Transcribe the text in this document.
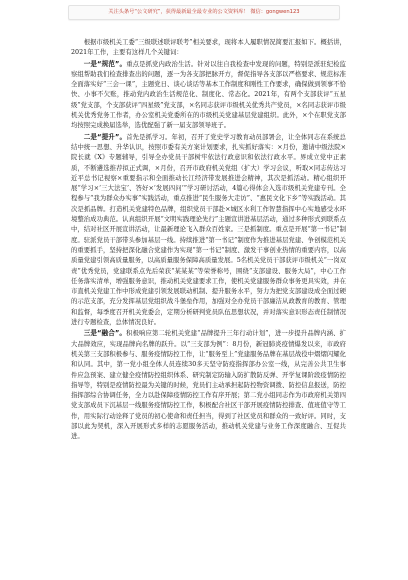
关注头条号“公文研究”，获得最新最全最专业的公文资料库！ 微信：gongwen123

根据市级机关工委“三级联述联评联考”相关要求，现将本人履职情况简要汇报如下。概括讲，2021年工作，主要有这样几个关键词：

一是“规范”。重点是抓党内政治生活。针对以往自我检查中发现的问题，特别是派驻纪检监察组帮助我们检查排查出的问题，逐一为各支部把脉开方，督促指导各支部以严格要求、规范标准全面落实好“三会一课”，主题党日、谈心谈话等基本工作制度和刚性工作要求，确保做到领事不恰快、小事不欠账，推动党内政治生活规范化、制度化、常态化。2021年，有两个支部获评“五星级”党支部，个支部获评“四星级”党支部，×名同志获评市级机关优秀共产党员，×名同志获评市级机关优秀党务工作者，办公室机关党委所在的市级机关党建基层党建组织。此外，×个在职党支部均按照完成换届选举，选优配强了新一届支部领导班子。

二是“提升”。首先是抓学习。年初，召开了党史学习教育动员部署会，让全体同志在系统总结中统一思想、升华认识，按照市委有关方案计划要求，扎实抓好落实：×月份，邀请中级法院×院长就《X》专题辅导，引导全办党员干部树牢依法行政意识和依法行政水平。界成立党中正素质，不断遴选推荐拟正式调，×月份，召开市政府机关党组（扩大）学习会议，听取×同志传达习近平总书记视察×重要指示和全面推动长江经济带发展推进会精神，其次是抓活动。精心组织开展“学习×‘三大法宝’、答好×‘发展四问’”学习研讨活动，4篇心得体会入选市级机关党建专刊。全程参与“我为群众办实事”实践活动，重点推进“民生服务大走访”、“惠民文化下乡”等实践活动。其次是抓品牌。打造机关党建特色品牌，组织党员干部赴×城区水利工作智慧指挥中心实地感受水环境整治成功典范。认真组织开展“文明实践理论先行”主题宣讲进基层活动，通过多种形式到联系点中，结对社区开展宣讲活动，让最新理论飞入群众百姓家。三是抓制度。重点是开展“第一书记”制度。驻派党员干部带头参加基层一线。持续推进“第一书记”制度作为推进基层党建、争创模范机关的重要抓手，坚持把深化融合党建作为实现“第一书记”制度、激发干事创业热情的重要内容，以高质量党建引领高质量服务，以高质量服务保障高质量发展。5名机关党员干部获评市级机关“一岗双责”优秀党员，党建联系点先后荣获“某某某”等荣誉称号，围绕“支部建设、服务大局”，中心工作任务落实清单，增强服务意识，推动机关党建要求工作，使机关党建服务群众事务更具实效，并在市直机关党建工作中形成党建引领发展联动机制、提升服务水平，努力为把党支部建设成全面过硬的示范支部，充分发挥基层党组织战斗堡垒作用，加强对全办党员干部廉洁从政教育的教育、管理和监督，每季度召开机关党委会，定期分析研判党员队伍思想状况，并对落实意识形态责任制情况进行专题检查，总体情况良好。

三是“融合”。积极响应第二轮机关党建“品牌提升三年行动计划”，进一步提升品牌内涵、扩大品牌效应，实现品牌向名牌的跃升。以“三支部为例”：8月份，新冠肺炎疫情爆发以来，市政府机关第三支部积极参与、服务疫情防控工作，让“服务至上”党建服务品牌在基层战役中熠熠闪耀化和认同。其中，第一党小组全体人员连续30多天坚守防疫指挥部办公室一线，从完善公共卫生事件应急预案、建立健全疫情防控组织体系、研究制定防输入防扩散防反弹、开学复课阶段疫情防控指导等，特别是疫情防控最为关键的时候，党员们主动承担起防控物资调拨、防控信息报送，防控指挥部综合协调任务，全力以赴保障疫情防控工作有序开展；第二党小组同志作为市政府机关第四党支部成员下沉基层一线服务疫情防控工作，积极配合社区干部开展疫情防控排查、值班值守等工作，用实际行动诠释了党员的初心使命和责任担当，得到了社区党员和群众的一致好评。同时，支部以此为契机，深入开展形式多样的志愿服务活动，推动机关党建与业务工作深度融合、互促共进。
